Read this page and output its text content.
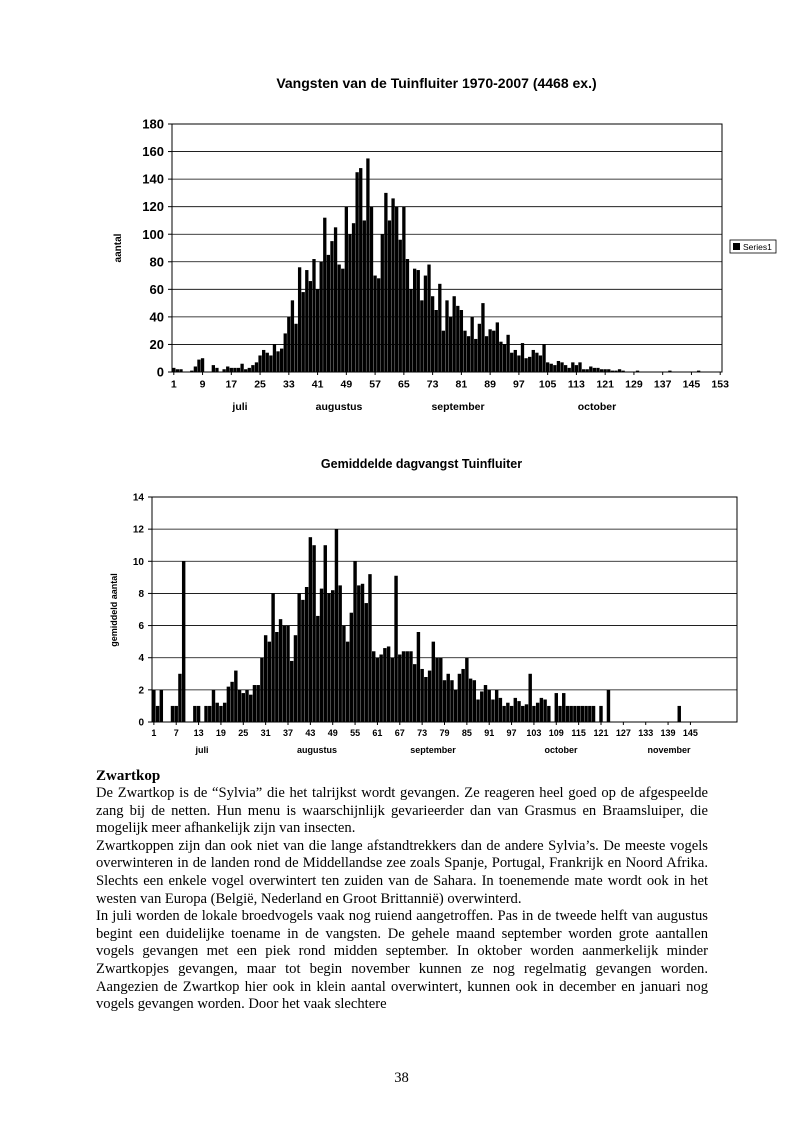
Vangsten van de Tuinfluiter 1970-2007 (4468 ex.)
0
20
40
60
80
100
120
140
160
180
1 9 17 25 33 41 49 57 65 73 81 89 97 105 113 121 129 137 145 153
juli	augustus	september	october
aantal	Series1
Gemiddelde dagvangst Tuinfluiter
0
2
4
6
8
10
12
14
1 7 13 19 25 31 37 43 49 55 61 67 73 79 85 91 97 103 109 115 121 127 133 139 145
juli	augustus	september	october	november
gemiddeld aantal
Zwartkop

De Zwartkop is de “Sylvia” die het talrijkst wordt gevangen. Ze reageren heel goed op de afgespeelde zang bij de netten. Hun menu is waarschijnlijk gevarieerder dan van Grasmus en Braamsluiper, die mogelijk meer afhankelijk zijn van insecten.

Zwartkoppen zijn dan ook niet van die lange afstandtrekkers dan de andere Sylvia’s. De meeste vogels overwinteren in de landen rond de Middellandse zee zoals Spanje, Portugal, Frankrijk en Noord Afrika. Slechts een enkele vogel overwintert ten zuiden van de Sahara. In toenemende mate wordt ook in het westen van Europa (België, Nederland en Groot Brittannië) overwinterd.

In juli worden de lokale broedvogels vaak nog ruiend aangetroffen. Pas in de tweede helft van augustus begint een duidelijke toename in de vangsten. De gehele maand september worden grote aantallen vogels gevangen met een piek rond midden september. In oktober worden aanmerkelijk minder Zwartkopjes gevangen, maar tot begin november kunnen ze nog regelmatig gevangen worden. Aangezien de Zwartkop hier ook in klein aantal overwintert, kunnen ook in december en januari nog vogels gevangen worden. Door het vaak slechtere

38
